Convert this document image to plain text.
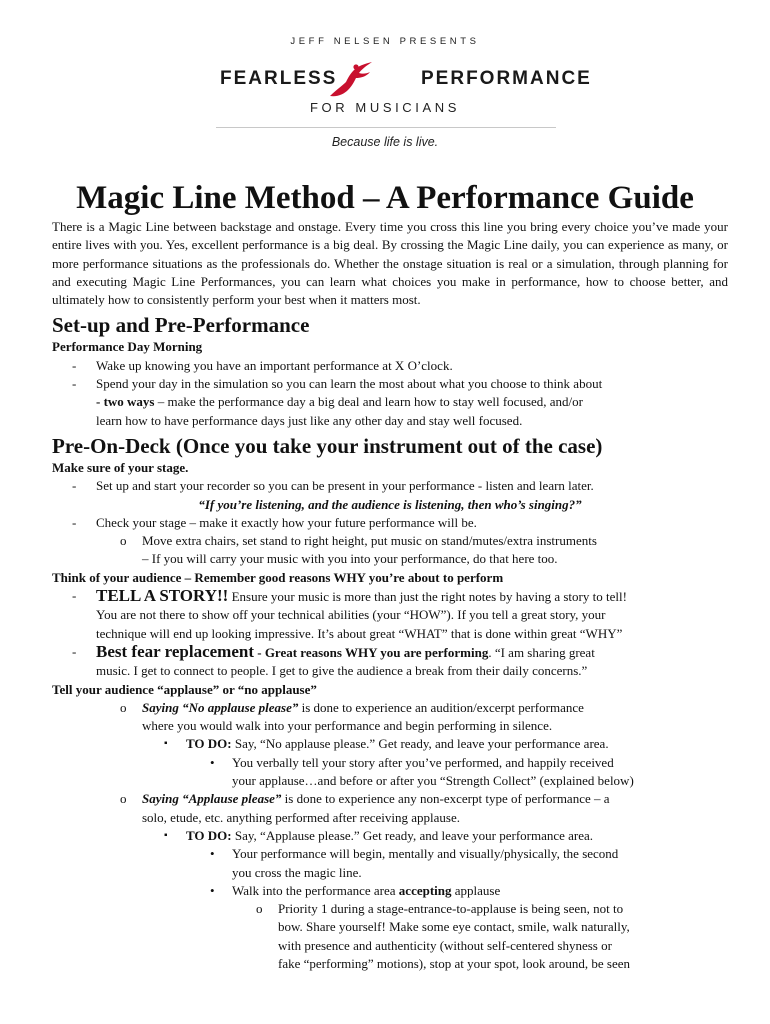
JEFF NELSEN PRESENTS
FEARLESS	PERFORMANCE
FOR MUSICIANS
Because life is live.
Magic Line Method – A Performance Guide

There is a Magic Line between backstage and onstage. Every time you cross this line you bring every choice you’ve made your entire lives with you. Yes, excellent performance is a big deal. By crossing the Magic Line daily, you can experience as many, or more performance situations as the professionals do. Whether the onstage situation is real or a simulation, through planning for and executing Magic Line Performances, you can learn what choices you make in performance, how to choose better, and ultimately how to consistently perform your best when it matters most.

Set-up and Pre-Performance
Performance Day Morning
- Wake up knowing you have an important performance at X O’clock.
- Spend your day in the simulation so you can learn the most about what you choose to think about
- two ways – make the performance day a big deal and learn how to stay well focused, and/or
learn how to have performance days just like any other day and stay well focused.
Pre-On-Deck (Once you take your instrument out of the case)
Make sure of your stage.
- Set up and start your recorder so you can be present in your performance - listen and learn later.
“If you’re listening, and the audience is listening, then who’s singing?”
- Check your stage – make it exactly how your future performance will be.
o Move extra chairs, set stand to right height, put music on stand/mutes/extra instruments
– If you will carry your music with you into your performance, do that here too.
Think of your audience – Remember good reasons WHY you’re about to perform
- TELL A STORY!! Ensure your music is more than just the right notes by having a story to tell!
You are not there to show off your technical abilities (your “HOW”). If you tell a great story, your
technique will end up looking impressive. It’s about great “WHAT” that is done within great “WHY”
- Best fear replacement - Great reasons WHY you are performing. “I am sharing great
music. I get to connect to people. I get to give the audience a break from their daily concerns.”
Tell your audience “applause” or “no applause”
o Saying “No applause please” is done to experience an audition/excerpt performance
where you would walk into your performance and begin performing in silence.
▪ TO DO: Say, “No applause please.” Get ready, and leave your performance area.
• You verbally tell your story after you’ve performed, and happily received
your applause…and before or after you “Strength Collect” (explained below)
o Saying “Applause please” is done to experience any non-excerpt type of performance – a
solo, etude, etc. anything performed after receiving applause.
▪ TO DO: Say, “Applause please.” Get ready, and leave your performance area.
• Your performance will begin, mentally and visually/physically, the second
you cross the magic line.
• Walk into the performance area accepting applause
o Priority 1 during a stage-entrance-to-applause is being seen, not to
bow. Share yourself! Make some eye contact, smile, walk naturally,
with presence and authenticity (without self-centered shyness or
fake “performing” motions), stop at your spot, look around, be seen
